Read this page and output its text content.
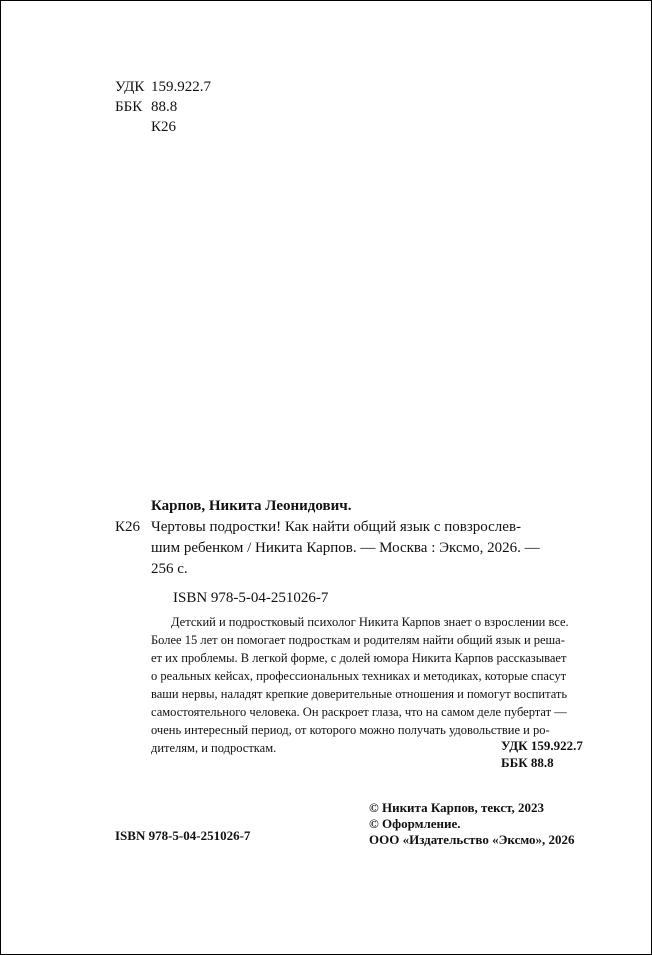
УДК 159.922.7
ББК 88.8
К26
Карпов, Никита Леонидович.
К26 Чертовы подростки! Как найти общий язык с повзрослев-
шим ребенком / Никита Карпов. — Москва : Эксмо, 2026. —
256 с.
ISBN 978-5-04-251026-7
Детский и подростковый психолог Никита Карпов знает о взрослении все.
Более 15 лет он помогает подросткам и родителям найти общий язык и реша-
ет их проблемы. В легкой форме, с долей юмора Никита Карпов рассказывает
о реальных кейсах, профессиональных техниках и методиках, которые спасут
ваши нервы, наладят крепкие доверительные отношения и помогут воспитать
самостоятельного человека. Он раскроет глаза, что на самом деле пубертат —
очень интересный период, от которого можно получать удовольствие и ро-
дителям, и подросткам.	УДК 159.922.7
ББК 88.8
© Никита Карпов, текст, 2023
© Оформление.
ООО «Издательство «Эксмо», 2026
ISBN 978-5-04-251026-7
